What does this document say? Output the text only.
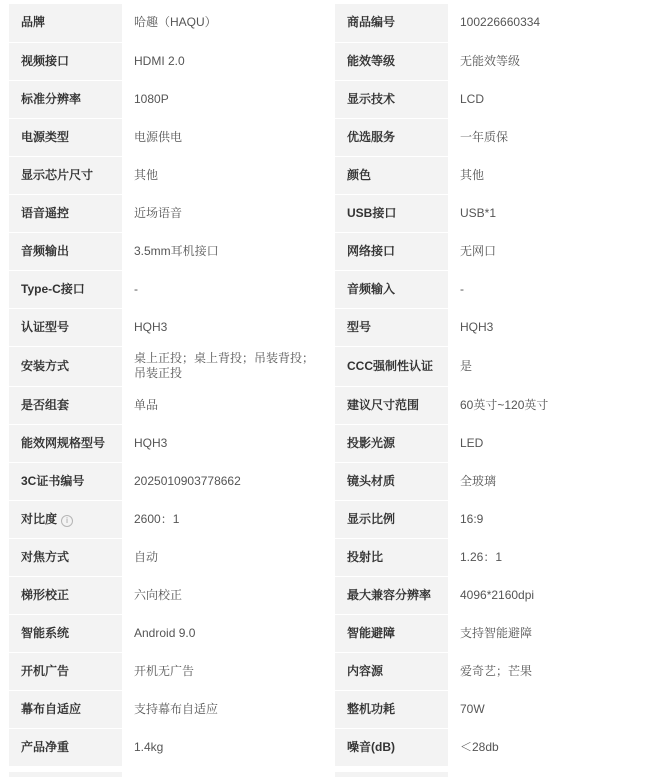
品牌	哈趣（HAQU）	商品编号	100226660334
视频接口	HDMI 2.0	能效等级	无能效等级
标准分辨率	1080P	显示技术	LCD
电源类型	电源供电	优选服务	一年质保
显示芯片尺寸	其他	颜色	其他
语音遥控	近场语音	USB接口	USB*1
音频输出	3.5mm耳机接口	网络接口	无网口
Type-C接口	-	音频输入	-
认证型号	HQH3	型号	HQH3
安装方式	桌上正投；桌上背投；吊装背投；吊装正投	CCC强制性认证	是
是否组套	单品	建议尺寸范围	60英寸~120英寸
能效网规格型号	HQH3	投影光源	LED
3C证书编号	2025010903778662	镜头材质	全玻璃
对比度 i	2600：1	显示比例	16:9
对焦方式	自动	投射比	1.26：1
梯形校正	六向校正	最大兼容分辨率	4096*2160dpi
智能系统	Android 9.0	智能避障	支持智能避障
开机广告	开机无广告	内容源	爱奇艺；芒果
幕布自适应	支持幕布自适应	整机功耗	70W
产品净重	1.4kg	噪音(dB)	＜28db
